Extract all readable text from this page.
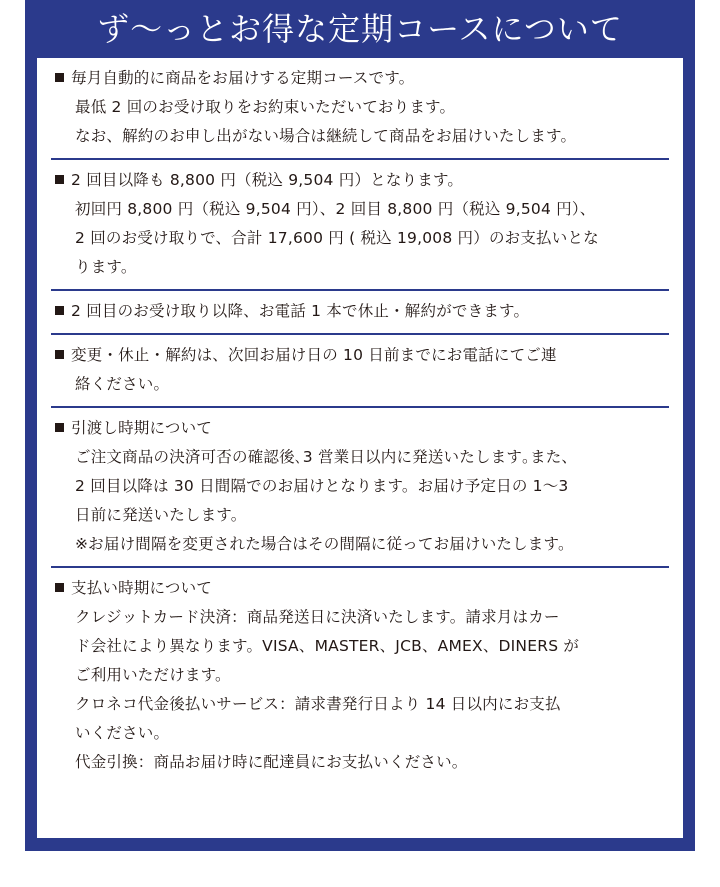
ず〜っとお得な定期コースについて
毎月自動的に商品をお届けする定期コースです。
最低 2 回のお受け取りをお約束いただいております。
なお、解約のお申し出がない場合は継続して商品をお届けいたします。
2 回目以降も 8,800 円（税込 9,504 円）となります。
初回円 8,800 円（税込 9,504 円）、2 回目 8,800 円（税込 9,504 円）、
2 回のお受け取りで、合計 17,600 円 ( 税込 19,008 円）のお支払いとな
ります。
2 回目のお受け取り以降、お電話 1 本で休止・解約ができます。
変更・休止・解約は、次回お届け日の 10 日前までにお電話にてご連
絡ください。
引渡し時期について
ご注文商品の決済可否の確認後､3 営業日以内に発送いたします｡また、
2 回目以降は 30 日間隔でのお届けとなります。お届け予定日の 1〜3
日前に発送いたします。
※お届け間隔を変更された場合はその間隔に従ってお届けいたします。
支払い時期について
クレジットカード決済：商品発送日に決済いたします。請求月はカー
ド会社により異なります。VISA、MASTER、JCB、AMEX、DINERS が
ご利用いただけます。
クロネコ代金後払いサービス：請求書発行日より 14 日以内にお支払
いください。
代金引換：商品お届け時に配達員にお支払いください。
